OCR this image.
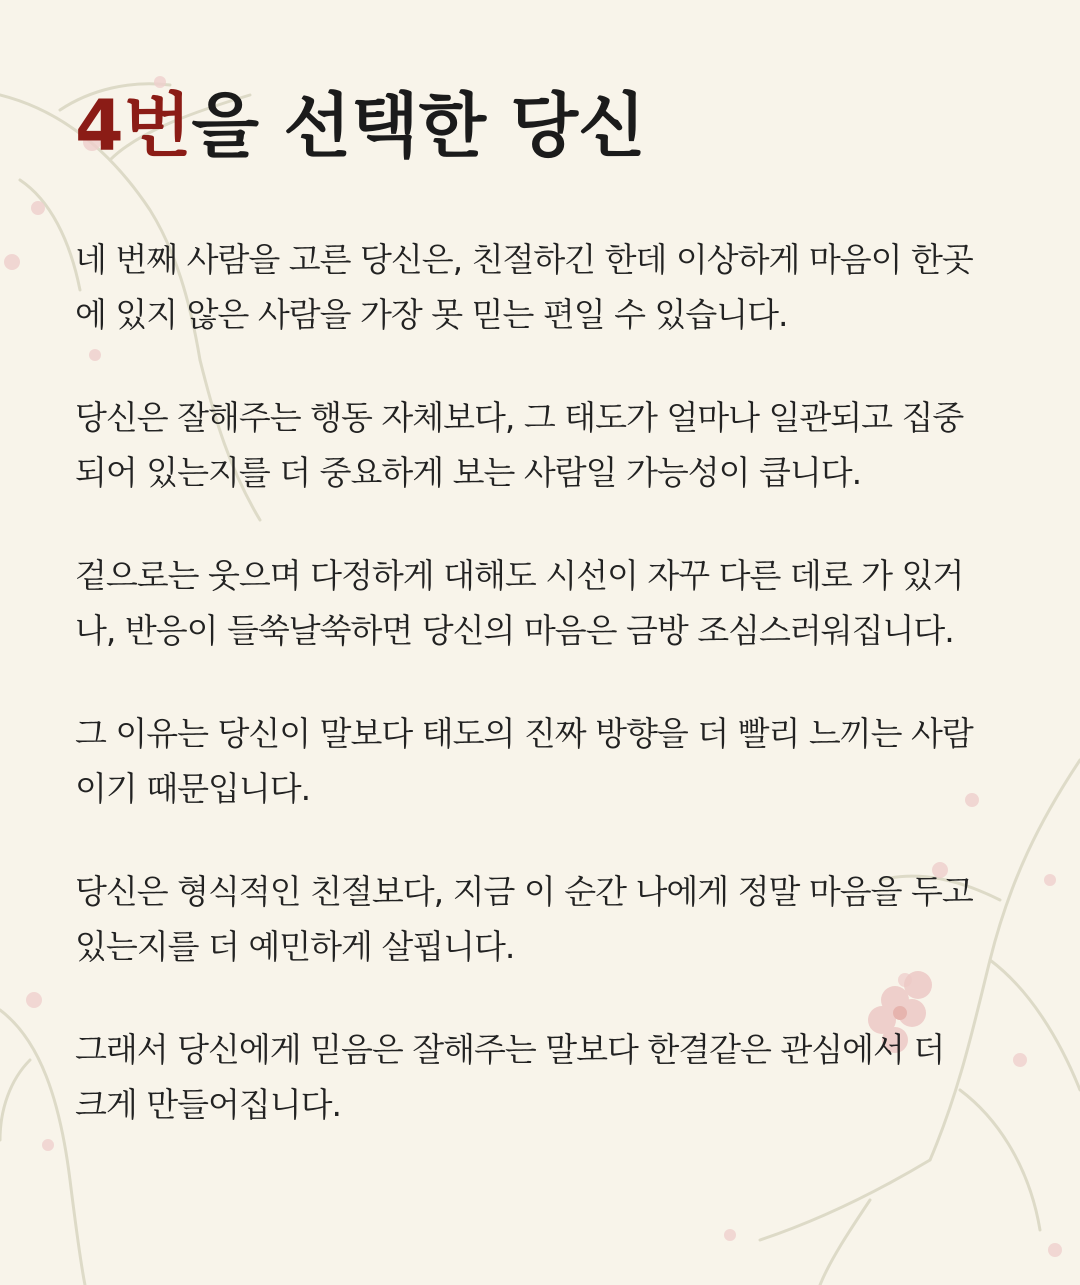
4번을 선택한 당신

네 번째 사람을 고른 당신은, 친절하긴 한데 이상하게 마음이 한곳
에 있지 않은 사람을 가장 못 믿는 편일 수 있습니다.

당신은 잘해주는 행동 자체보다, 그 태도가 얼마나 일관되고 집중
되어 있는지를 더 중요하게 보는 사람일 가능성이 큽니다.

겉으로는 웃으며 다정하게 대해도 시선이 자꾸 다른 데로 가 있거
나, 반응이 들쑥날쑥하면 당신의 마음은 금방 조심스러워집니다.

그 이유는 당신이 말보다 태도의 진짜 방향을 더 빨리 느끼는 사람
이기 때문입니다.

당신은 형식적인 친절보다, 지금 이 순간 나에게 정말 마음을 두고
있는지를 더 예민하게 살핍니다.

그래서 당신에게 믿음은 잘해주는 말보다 한결같은 관심에서 더
크게 만들어집니다.
